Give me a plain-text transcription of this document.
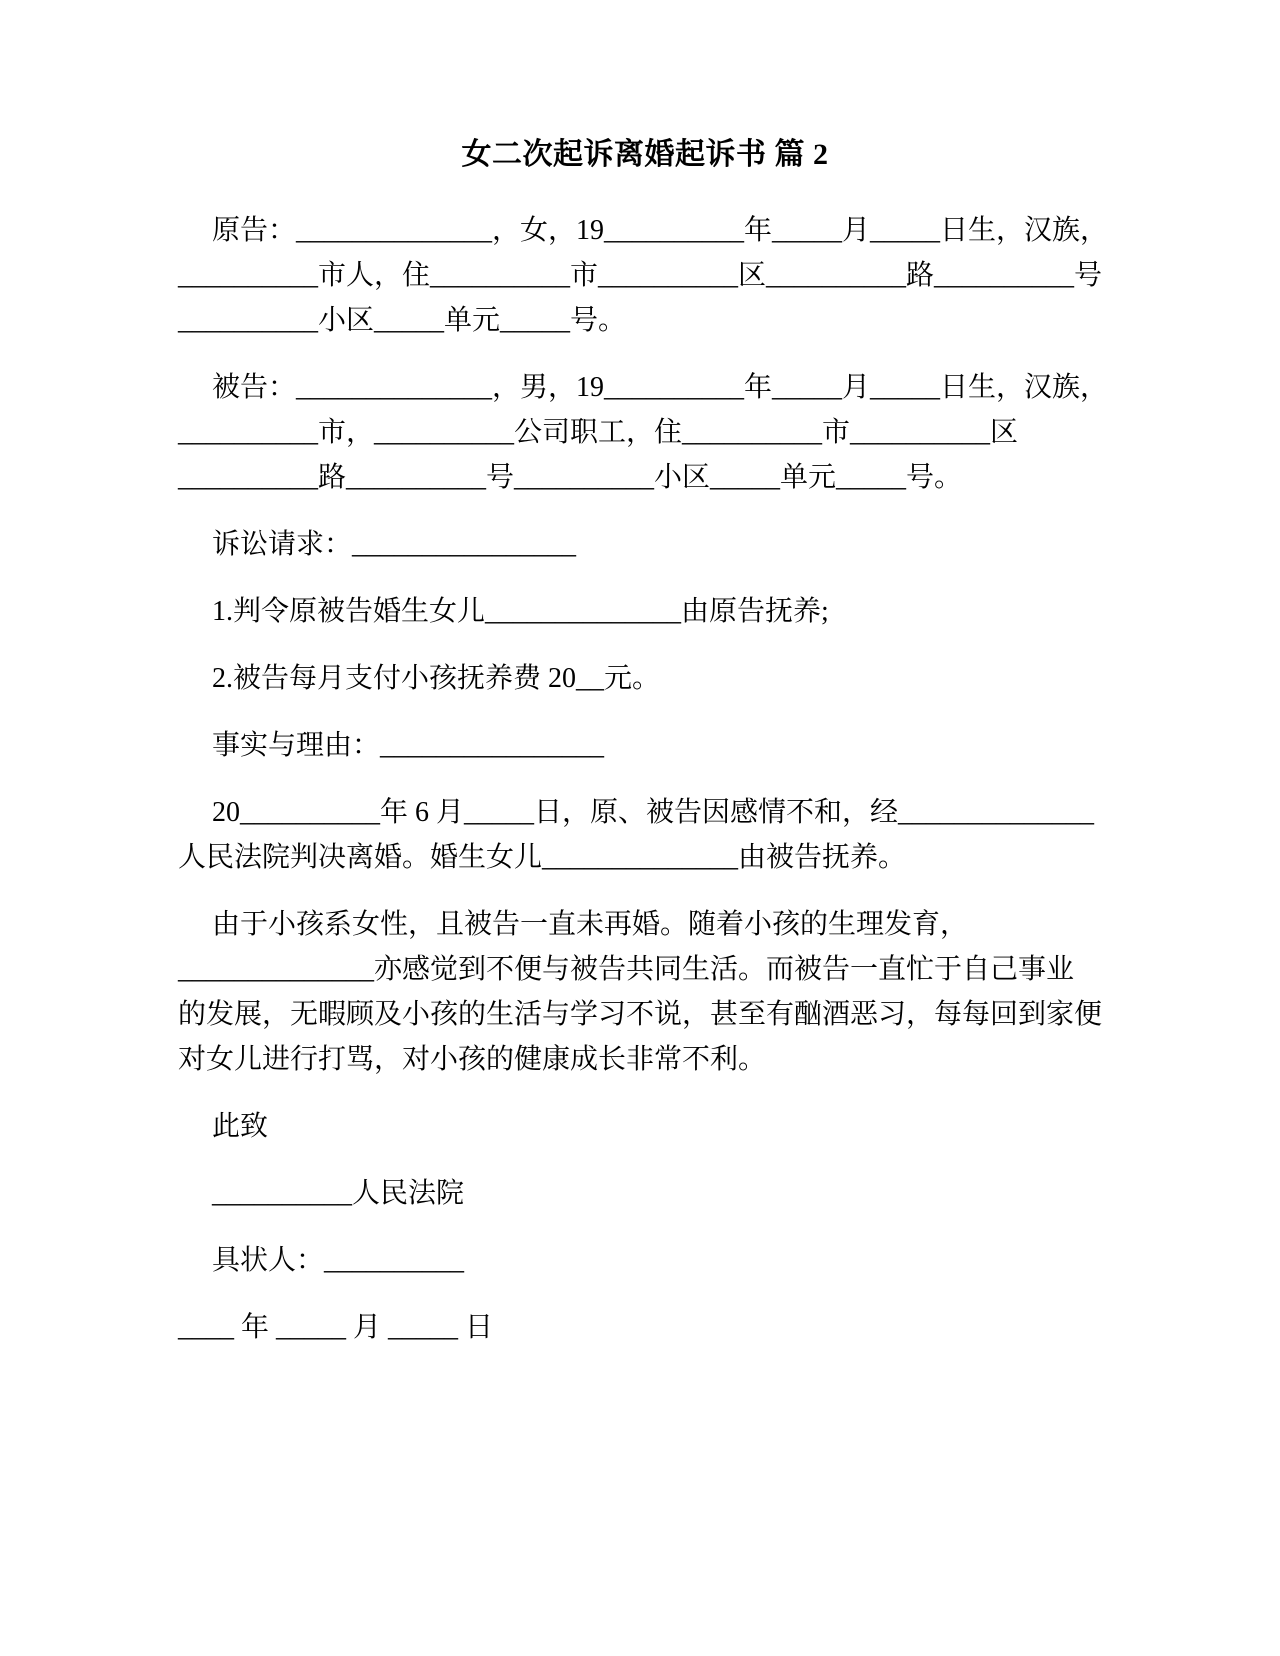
女二次起诉离婚起诉书 篇 2
原告：______________，女，19__________年_____月_____日生，汉族，
__________市人，住__________市__________区__________路__________号
__________小区_____单元_____号。
被告：______________，男，19__________年_____月_____日生，汉族，
__________市，__________公司职工，住__________市__________区
__________路__________号__________小区_____单元_____号。
诉讼请求：________________
1.判令原被告婚生女儿______________由原告抚养;
2.被告每月支付小孩抚养费 20__元。
事实与理由：________________
20__________年 6 月_____日，原、被告因感情不和，经______________
人民法院判决离婚。婚生女儿______________由被告抚养。
由于小孩系女性，且被告一直未再婚。随着小孩的生理发育，
______________亦感觉到不便与被告共同生活。而被告一直忙于自己事业
的发展，无暇顾及小孩的生活与学习不说，甚至有酗酒恶习，每每回到家便
对女儿进行打骂，对小孩的健康成长非常不利。
此致
__________人民法院
具状人：__________
____ 年 _____ 月 _____ 日
